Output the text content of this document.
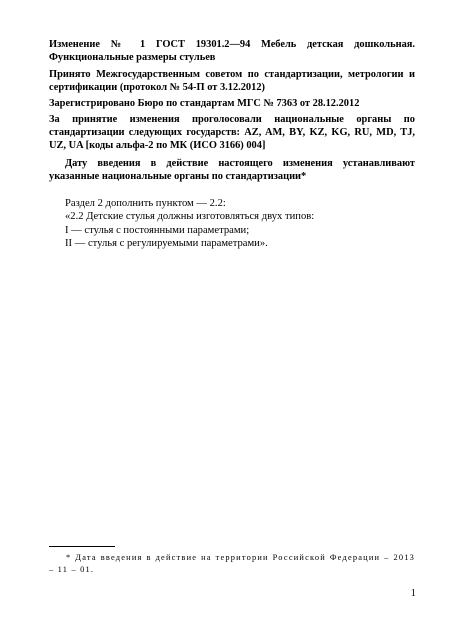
Изменение № 1 ГОСТ 19301.2—94 Мебель детская дошкольная. Функциональные размеры стульев
Принято Межгосударственным советом по стандартизации, метрологии и сертификации (протокол № 54-П от 3.12.2012)
Зарегистрировано Бюро по стандартам МГС № 7363 от 28.12.2012
За принятие изменения проголосовали национальные органы по стандартизации следующих государств: AZ, AM, BY, KZ, KG, RU, MD, TJ, UZ, UA [коды альфа-2 по МК (ИСО 3166) 004]
Дату введения в действие настоящего изменения устанавливают указанные национальные органы по стандартизации*
Раздел 2 дополнить пунктом — 2.2:
«2.2 Детские стулья должны изготовляться двух типов:
I — стулья с постоянными параметрами;
II — стулья с регулируемыми параметрами».
* Дата введения в действие на территории Российской Федерации – 2013 – 11 – 01.
1
